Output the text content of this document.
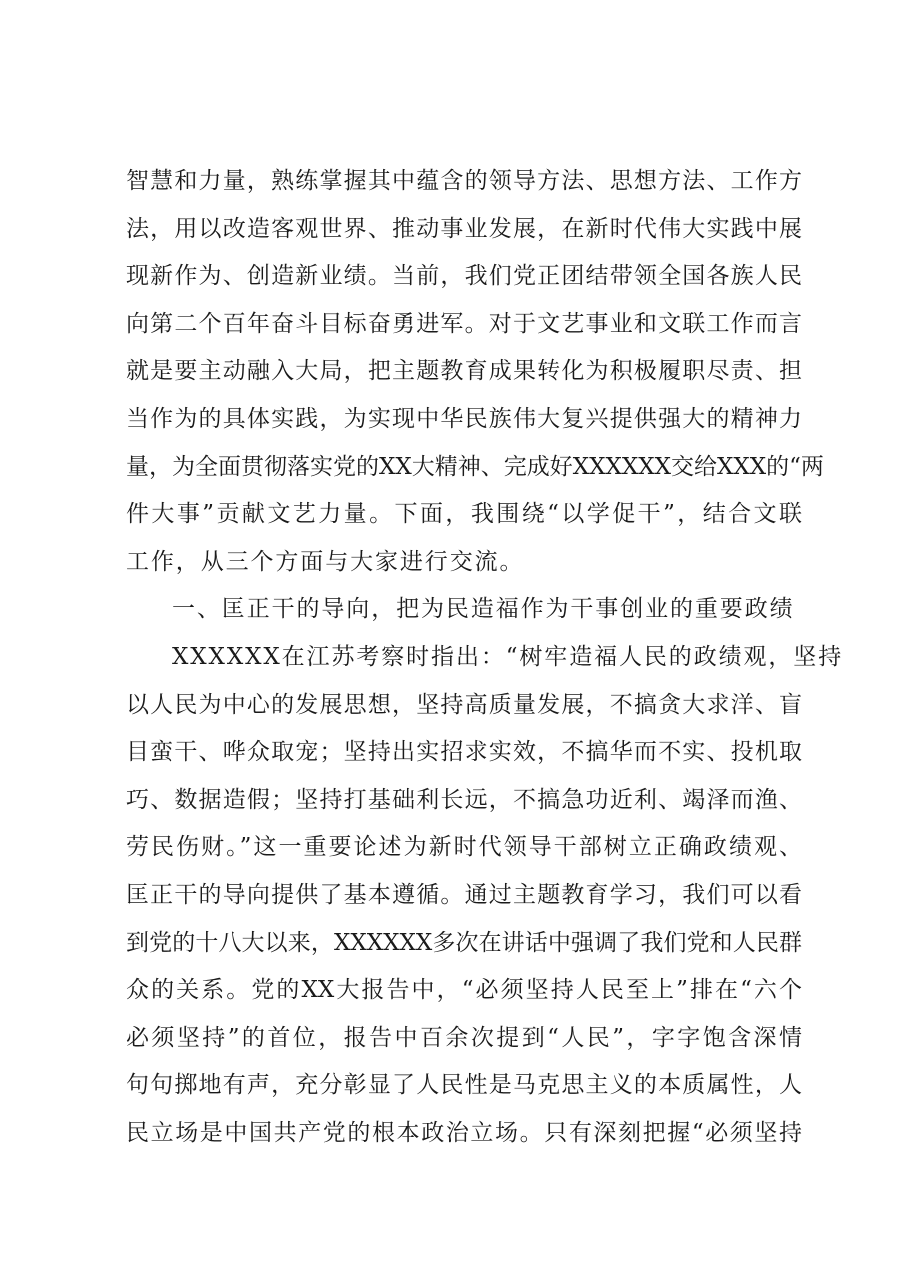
智慧和力量，熟练掌握其中蕴含的领导方法、思想方法、工作方
法，用以改造客观世界、推动事业发展，在新时代伟大实践中展
现新作为、创造新业绩。当前，我们党正团结带领全国各族人民
向第二个百年奋斗目标奋勇进军。对于文艺事业和文联工作而言
就是要主动融入大局，把主题教育成果转化为积极履职尽责、担
当作为的具体实践，为实现中华民族伟大复兴提供强大的精神力
量，为全面贯彻落实党的XX大精神、完成好XXXXXX交给XXX的“两
件大事”贡献文艺力量。下面，我围绕“以学促干”，结合文联
工作，从三个方面与大家进行交流。
一、匡正干的导向，把为民造福作为干事创业的重要政绩
XXXXXX在江苏考察时指出：“树牢造福人民的政绩观，坚持
以人民为中心的发展思想，坚持高质量发展，不搞贪大求洋、盲
目蛮干、哗众取宠；坚持出实招求实效，不搞华而不实、投机取
巧、数据造假；坚持打基础利长远，不搞急功近利、竭泽而渔、
劳民伤财。”这一重要论述为新时代领导干部树立正确政绩观、
匡正干的导向提供了基本遵循。通过主题教育学习，我们可以看
到党的十八大以来，XXXXXX多次在讲话中强调了我们党和人民群
众的关系。党的XX大报告中，“必须坚持人民至上”排在“六个
必须坚持”的首位，报告中百余次提到“人民”，字字饱含深情
句句掷地有声，充分彰显了人民性是马克思主义的本质属性，人
民立场是中国共产党的根本政治立场。只有深刻把握“必须坚持
